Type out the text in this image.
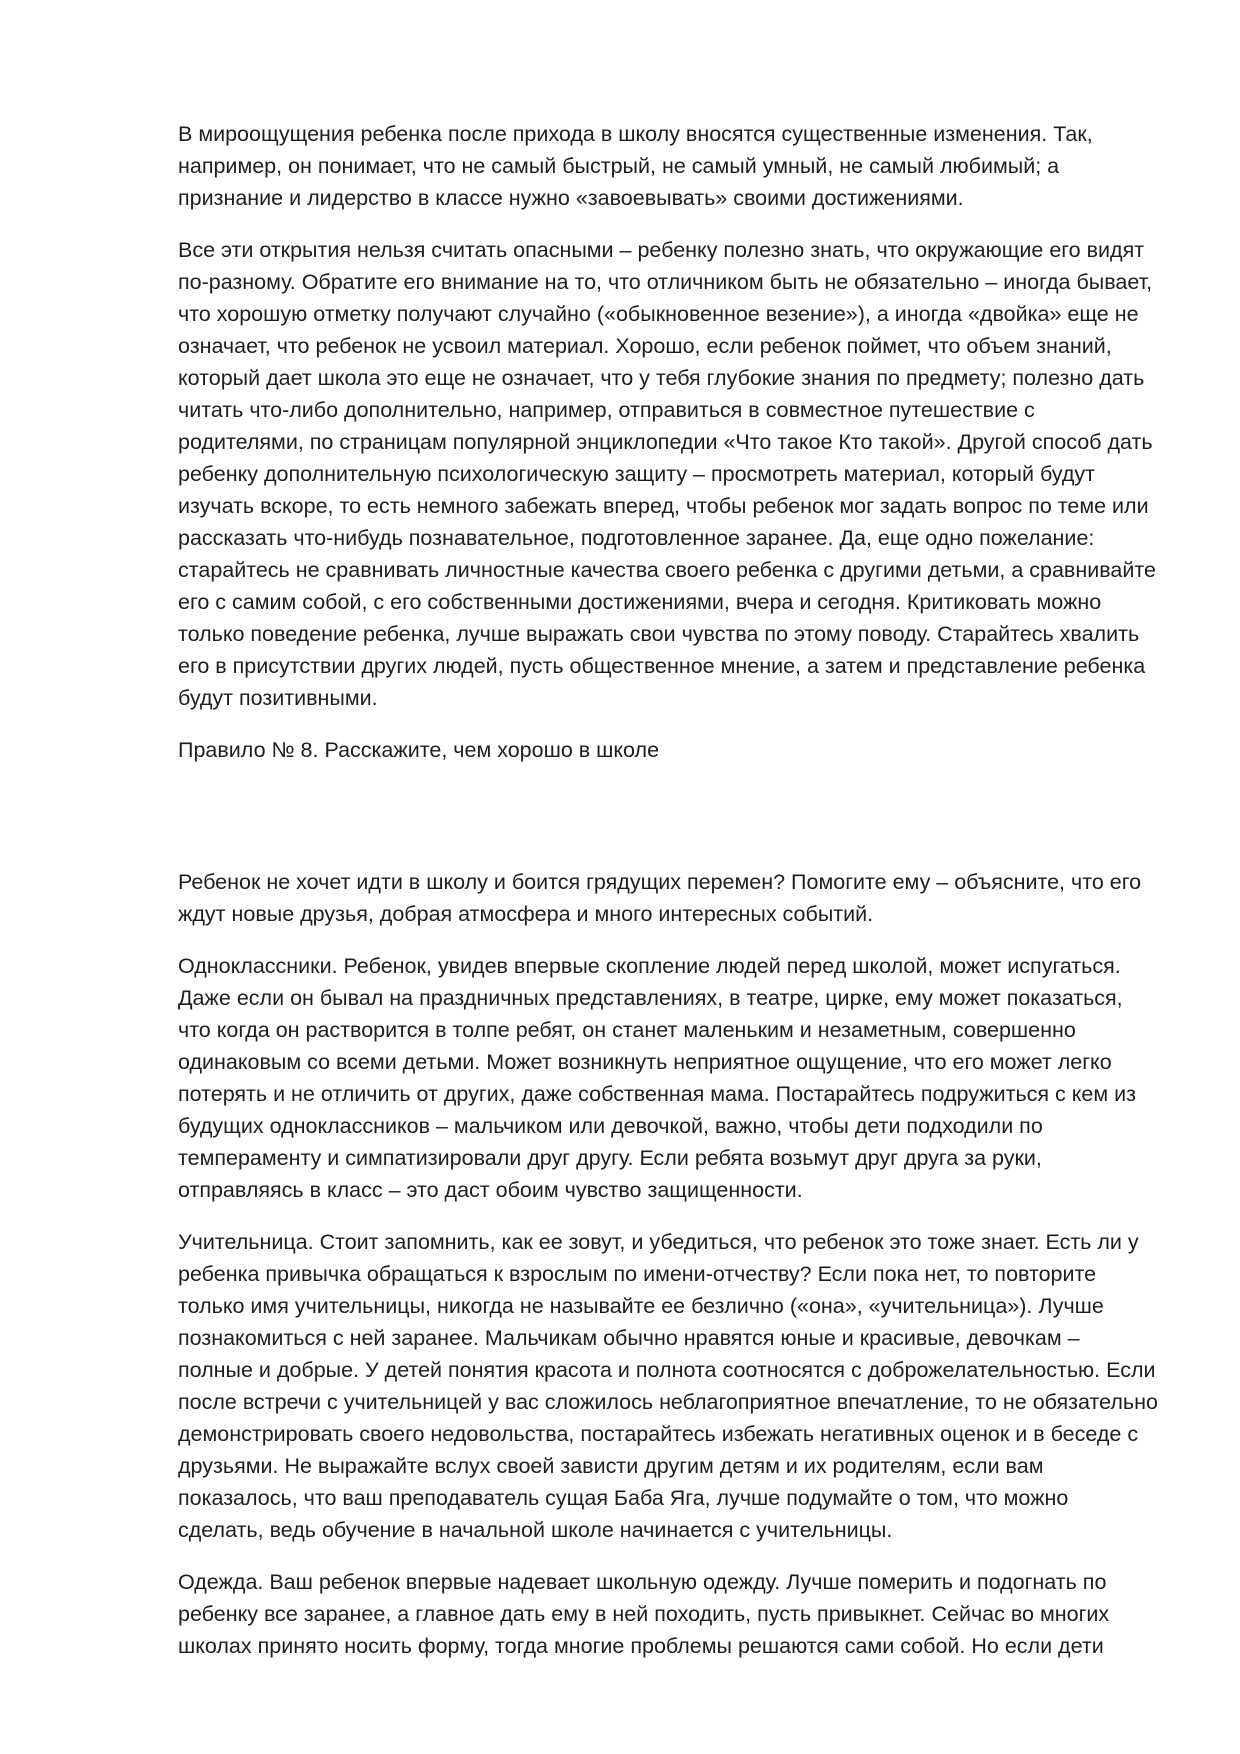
В мироощущения ребенка после прихода в школу вносятся существенные изменения. Так, например, он понимает, что не самый быстрый, не самый умный, не самый любимый; а признание и лидерство в классе нужно «завоевывать» своими достижениями.

Все эти открытия нельзя считать опасными – ребенку полезно знать, что окружающие его видят по-разному. Обратите его внимание на то, что отличником быть не обязательно – иногда бывает, что хорошую отметку получают случайно («обыкновенное везение»), а иногда «двойка» еще не означает, что ребенок не усвоил материал. Хорошо, если ребенок поймет, что объем знаний, который дает школа это еще не означает, что у тебя глубокие знания по предмету; полезно дать читать что-либо дополнительно, например, отправиться в совместное путешествие с родителями, по страницам популярной энциклопедии «Что такое Кто такой». Другой способ дать ребенку дополнительную психологическую защиту – просмотреть материал, который будут изучать вскоре, то есть немного забежать вперед, чтобы ребенок мог задать вопрос по теме или рассказать что-нибудь познавательное, подготовленное заранее. Да, еще одно пожелание: старайтесь не сравнивать личностные качества своего ребенка с другими детьми, а сравнивайте его с самим собой, с его собственными достижениями, вчера и сегодня. Критиковать можно только поведение ребенка, лучше выражать свои чувства по этому поводу. Старайтесь хвалить его в присутствии других людей, пусть общественное мнение, а затем и представление ребенка будут позитивными.

Правило № 8. Расскажите, чем хорошо в школе

Ребенок не хочет идти в школу и боится грядущих перемен? Помогите ему – объясните, что его ждут новые друзья, добрая атмосфера и много интересных событий.

Одноклассники. Ребенок, увидев впервые скопление людей перед школой, может испугаться. Даже если он бывал на праздничных представлениях, в театре, цирке, ему может показаться, что когда он растворится в толпе ребят, он станет маленьким и незаметным, совершенно одинаковым со всеми детьми. Может возникнуть неприятное ощущение, что его может легко потерять и не отличить от других, даже собственная мама. Постарайтесь подружиться с кем из будущих одноклассников – мальчиком или девочкой, важно, чтобы дети подходили по темпераменту и симпатизировали друг другу. Если ребята возьмут друг друга за руки, отправляясь в класс – это даст обоим чувство защищенности.

Учительница. Стоит запомнить, как ее зовут, и убедиться, что ребенок это тоже знает. Есть ли у ребенка привычка обращаться к взрослым по имени-отчеству? Если пока нет, то повторите только имя учительницы, никогда не называйте ее безлично («она», «учительница»). Лучше познакомиться с ней заранее. Мальчикам обычно нравятся юные и красивые, девочкам – полные и добрые. У детей понятия красота и полнота соотносятся с доброжелательностью. Если после встречи с учительницей у вас сложилось неблагоприятное впечатление, то не обязательно демонстрировать своего недовольства, постарайтесь избежать негативных оценок и в беседе с друзьями. Не выражайте вслух своей зависти другим детям и их родителям, если вам показалось, что ваш преподаватель сущая Баба Яга, лучше подумайте о том, что можно сделать, ведь обучение в начальной школе начинается с учительницы.

Одежда. Ваш ребенок впервые надевает школьную одежду. Лучше померить и подогнать по ребенку все заранее, а главное дать ему в ней походить, пусть привыкнет. Сейчас во многих школах принято носить форму, тогда многие проблемы решаются сами собой. Но если дети
